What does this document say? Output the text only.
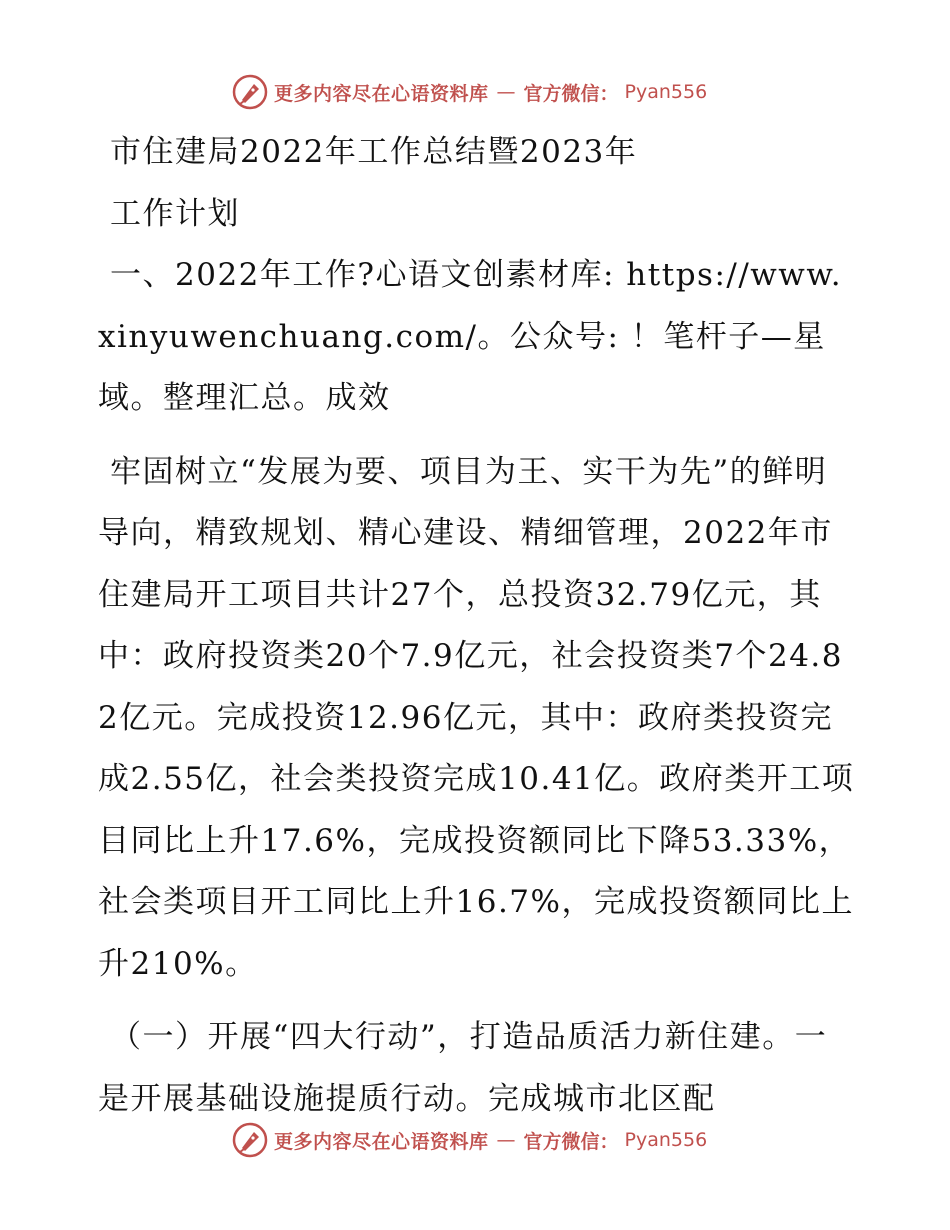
更多内容尽在心语资料库 — 官方微信： Pyan556

市住建局2022年工作总结暨2023年

工作计划

一、2022年工作?心语文创素材库: https://www.xinyuwenchuang.com/。公众号: ！笔杆子—星域。整理汇总。成效

牢固树立“发展为要、项目为王、实干为先”的鲜明导向，精致规划、精心建设、精细管理，2022年市住建局开工项目共计27个，总投资32.79亿元，其中：政府投资类20个7.9亿元，社会投资类7个24.82亿元。完成投资12.96亿元，其中：政府类投资完成2.55亿，社会类投资完成10.41亿。政府类开工项目同比上升17.6%，完成投资额同比下降53.33%，社会类项目开工同比上升16.7%，完成投资额同比上升210%。

（一）开展“四大行动”，打造品质活力新住建。一是开展基础设施提质行动。完成城市北区配

更多内容尽在心语资料库 — 官方微信： Pyan556
